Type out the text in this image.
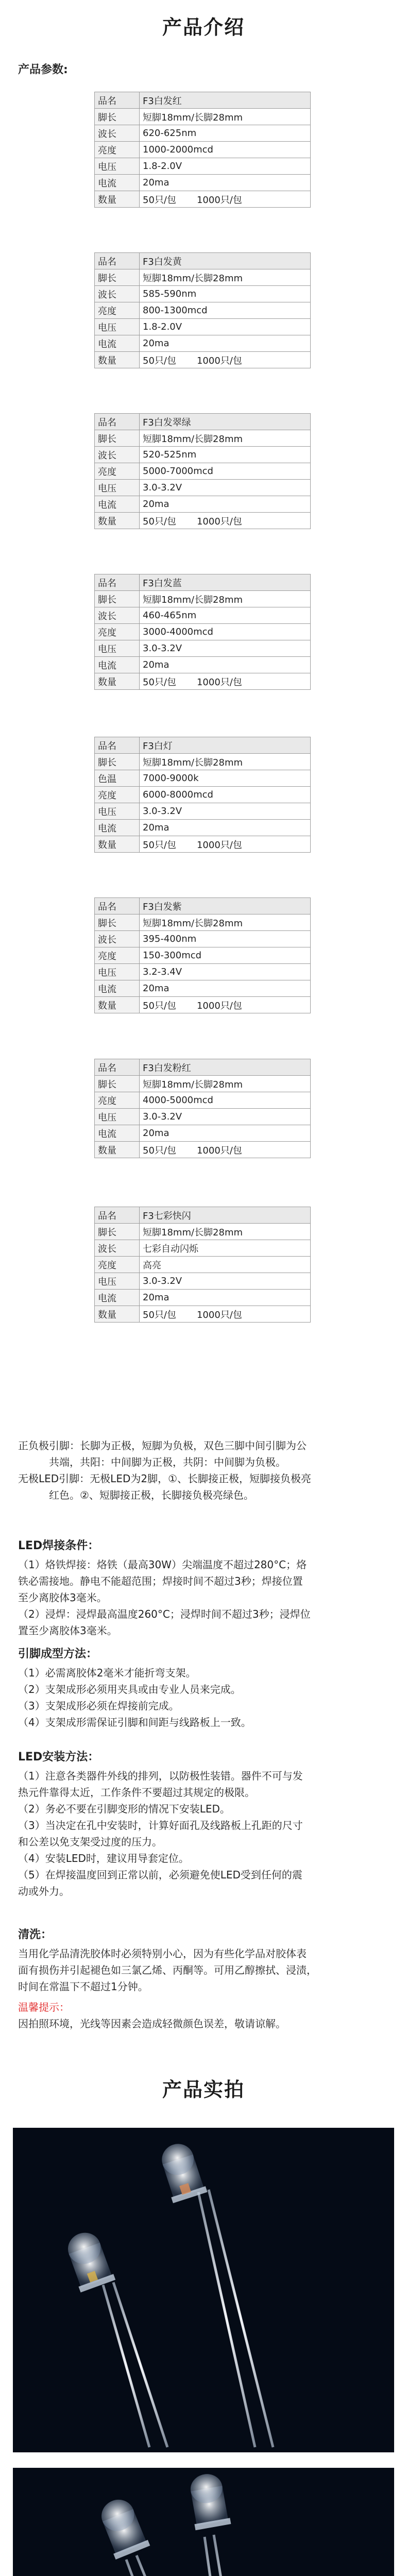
产品介绍
产品参数:
品名	F3白发红
脚长	短脚18mm/长脚28mm
波长	620-625nm
亮度	1000-2000mcd
电压	1.8-2.0V
电流	20ma
数量	50只/包 1000只/包
品名	F3白发黄
脚长	短脚18mm/长脚28mm
波长	585-590nm
亮度	800-1300mcd
电压	1.8-2.0V
电流	20ma
数量	50只/包 1000只/包
品名	F3白发翠绿
脚长	短脚18mm/长脚28mm
波长	520-525nm
亮度	5000-7000mcd
电压	3.0-3.2V
电流	20ma
数量	50只/包 1000只/包
品名	F3白发蓝
脚长	短脚18mm/长脚28mm
波长	460-465nm
亮度	3000-4000mcd
电压	3.0-3.2V
电流	20ma
数量	50只/包 1000只/包
品名	F3白灯
脚长	短脚18mm/长脚28mm
色温	7000-9000k
亮度	6000-8000mcd
电压	3.0-3.2V
电流	20ma
数量	50只/包 1000只/包
品名	F3白发紫
脚长	短脚18mm/长脚28mm
波长	395-400nm
亮度	150-300mcd
电压	3.2-3.4V
电流	20ma
数量	50只/包 1000只/包
品名	F3白发粉红
脚长	短脚18mm/长脚28mm
亮度	4000-5000mcd
电压	3.0-3.2V
电流	20ma
数量	50只/包 1000只/包
品名	F3七彩快闪
脚长	短脚18mm/长脚28mm
波长	七彩自动闪烁
亮度	高亮
电压	3.0-3.2V
电流	20ma
数量	50只/包 1000只/包

正负极引脚：长脚为正极，短脚为负极，双色三脚中间引脚为公

共端，共阳：中间脚为正极，共阴：中间脚为负极。

无极LED引脚：无极LED为2脚，①、长脚接正极，短脚接负极亮

红色。②、短脚接正极，长脚接负极亮绿色。

LED焊接条件：

（1）烙铁焊接：烙铁（最高30W）尖端温度不超过280°C；烙

铁必需接地。静电不能超范围；焊接时间不超过3秒；焊接位置

至少离胶体3毫米。

（2）浸焊：浸焊最高温度260°C；浸焊时间不超过3秒；浸焊位

置至少离胶体3毫米。

引脚成型方法：

（1）必需离胶体2毫米才能折弯支架。

（2）支架成形必须用夹具或由专业人员来完成。

（3）支架成形必须在焊接前完成。

（4）支架成形需保证引脚和间距与线路板上一致。

LED安装方法：

（1）注意各类器件外线的排列，以防极性装错。器件不可与发

热元件靠得太近，工作条件不要超过其规定的极限。

（2）务必不要在引脚变形的情况下安装LED。

（3）当决定在孔中安装时，计算好面孔及线路板上孔距的尺寸

和公差以免支架受过度的压力。

（4）安装LED时，建议用导套定位。

（5）在焊接温度回到正常以前，必须避免使LED受到任何的震

动或外力。

清洗：

当用化学品清洗胶体时必须特别小心，因为有些化学品对胶体表

面有损伤并引起褪色如三氯乙烯、丙酮等。可用乙醇擦拭、浸渍，

时间在常温下不超过1分钟。

温馨提示：

因拍照环境，光线等因素会造成轻微颜色误差，敬请谅解。

产品实拍
